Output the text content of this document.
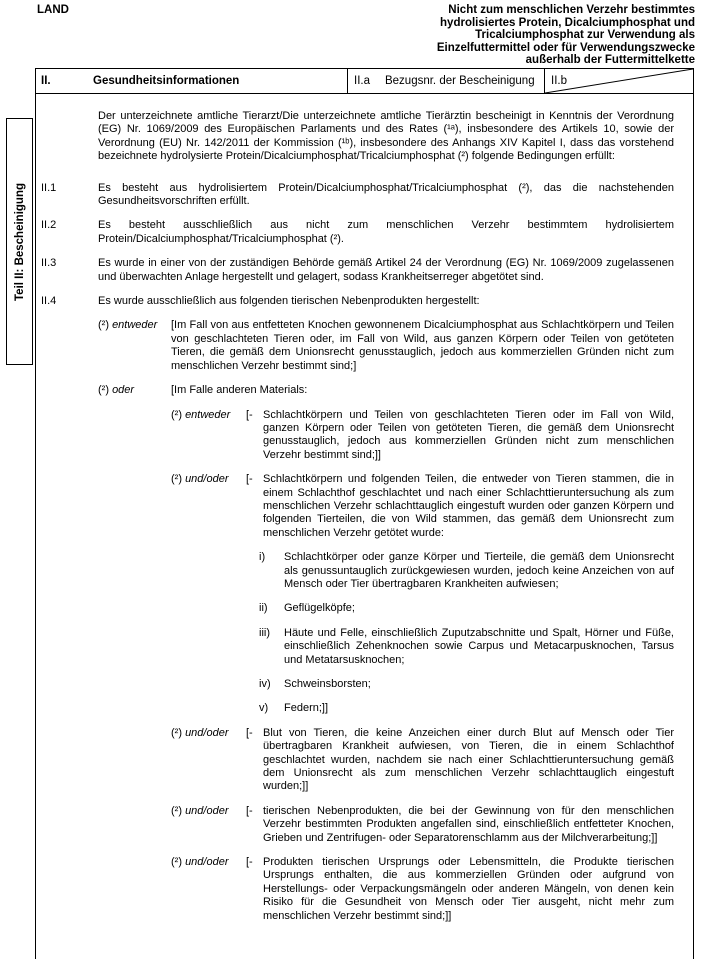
LAND	Nicht zum menschlichen Verzehr bestimmtes
hydrolisiertes Protein, Dicalciumphosphat und
Tricalciumphosphat zur Verwendung als
Einzelfuttermittel oder für Verwendungszwecke
außerhalb der Futtermittelkette
Teil II: Bescheinigung
II.	Gesundheitsinformationen	II.a Bezugsnr. der Bescheinigung II.b
Der unterzeichnete amtliche Tierarzt/Die unterzeichnete amtliche Tierärztin bescheinigt in Kenntnis der Verordnung (EG) Nr. 1069/2009 des Europäischen Parlaments und des Rates (¹ᵃ), insbesondere des Artikels 10, sowie der Verordnung (EU) Nr. 142/2011 der Kommission (¹ᵇ), insbesondere des Anhangs XIV Kapitel I, dass das vorstehend bezeichnete hydrolysierte Protein/Dicalciumphosphat/Tricalciumphosphat (²) folgende Bedingungen erfüllt:
II.1	Es besteht aus hydrolisiertem Protein/Dicalciumphosphat/Tricalciumphosphat (²), das die nachstehenden Gesundheitsvorschriften erfüllt.
II.2	Es besteht ausschließlich aus nicht zum menschlichen Verzehr bestimmtem hydrolisiertem Protein/Dicalciumphosphat/Tricalciumphosphat (²).
II.3	Es wurde in einer von der zuständigen Behörde gemäß Artikel 24 der Verordnung (EG) Nr. 1069/2009 zugelassenen und überwachten Anlage hergestellt und gelagert, sodass Krankheitserreger abgetötet sind.
II.4	Es wurde ausschließlich aus folgenden tierischen Nebenprodukten hergestellt:
(²) entweder	[Im Fall von aus entfetteten Knochen gewonnenem Dicalciumphosphat aus Schlachtkörpern und Teilen von geschlachteten Tieren oder, im Fall von Wild, aus ganzen Körpern oder Teilen von getöteten Tieren, die gemäß dem Unionsrecht genusstauglich, jedoch aus kommerziellen Gründen nicht zum menschlichen Verzehr bestimmt sind;]
(²) oder	[Im Falle anderen Materials:
(²) entweder	[- Schlachtkörpern und Teilen von geschlachteten Tieren oder im Fall von Wild, ganzen Körpern oder Teilen von getöteten Tieren, die gemäß dem Unionsrecht genusstauglich, jedoch aus kommerziellen Gründen nicht zum menschlichen Verzehr bestimmt sind;]]
(²) und/oder	[- Schlachtkörpern und folgenden Teilen, die entweder von Tieren stammen, die in einem Schlachthof geschlachtet und nach einer Schlachttieruntersuchung als zum menschlichen Verzehr schlachttauglich eingestuft wurden oder ganzen Körpern und folgenden Tierteilen, die von Wild stammen, das gemäß dem Unionsrecht zum menschlichen Verzehr getötet wurde:
i)	Schlachtkörper oder ganze Körper und Tierteile, die gemäß dem Unionsrecht als genussuntauglich zurückgewiesen wurden, jedoch keine Anzeichen von auf Mensch oder Tier übertragbaren Krankheiten aufwiesen;
ii)	Geflügelköpfe;
iii)	Häute und Felle, einschließlich Zuputzabschnitte und Spalt, Hörner und Füße, einschließlich Zehenknochen sowie Carpus und Metacarpusknochen, Tarsus und Metatarsusknochen;
iv)	Schweinsborsten;
v)	Federn;]]
(²) und/oder	[- Blut von Tieren, die keine Anzeichen einer durch Blut auf Mensch oder Tier übertragbaren Krankheit aufwiesen, von Tieren, die in einem Schlachthof geschlachtet wurden, nachdem sie nach einer Schlachttieruntersuchung gemäß dem Unionsrecht als zum menschlichen Verzehr schlachttauglich eingestuft wurden;]]
(²) und/oder	[- tierischen Nebenprodukten, die bei der Gewinnung von für den menschlichen Verzehr bestimmten Produkten angefallen sind, einschließlich entfetteter Knochen, Grieben und Zentrifugen- oder Separatorenschlamm aus der Milchverarbeitung;]]
(²) und/oder	[- Produkten tierischen Ursprungs oder Lebensmitteln, die Produkte tierischen Ursprungs enthalten, die aus kommerziellen Gründen oder aufgrund von Herstellungs- oder Verpackungsmängeln oder anderen Mängeln, von denen kein Risiko für die Gesundheit von Mensch oder Tier ausgeht, nicht mehr zum menschlichen Verzehr bestimmt sind;]]
